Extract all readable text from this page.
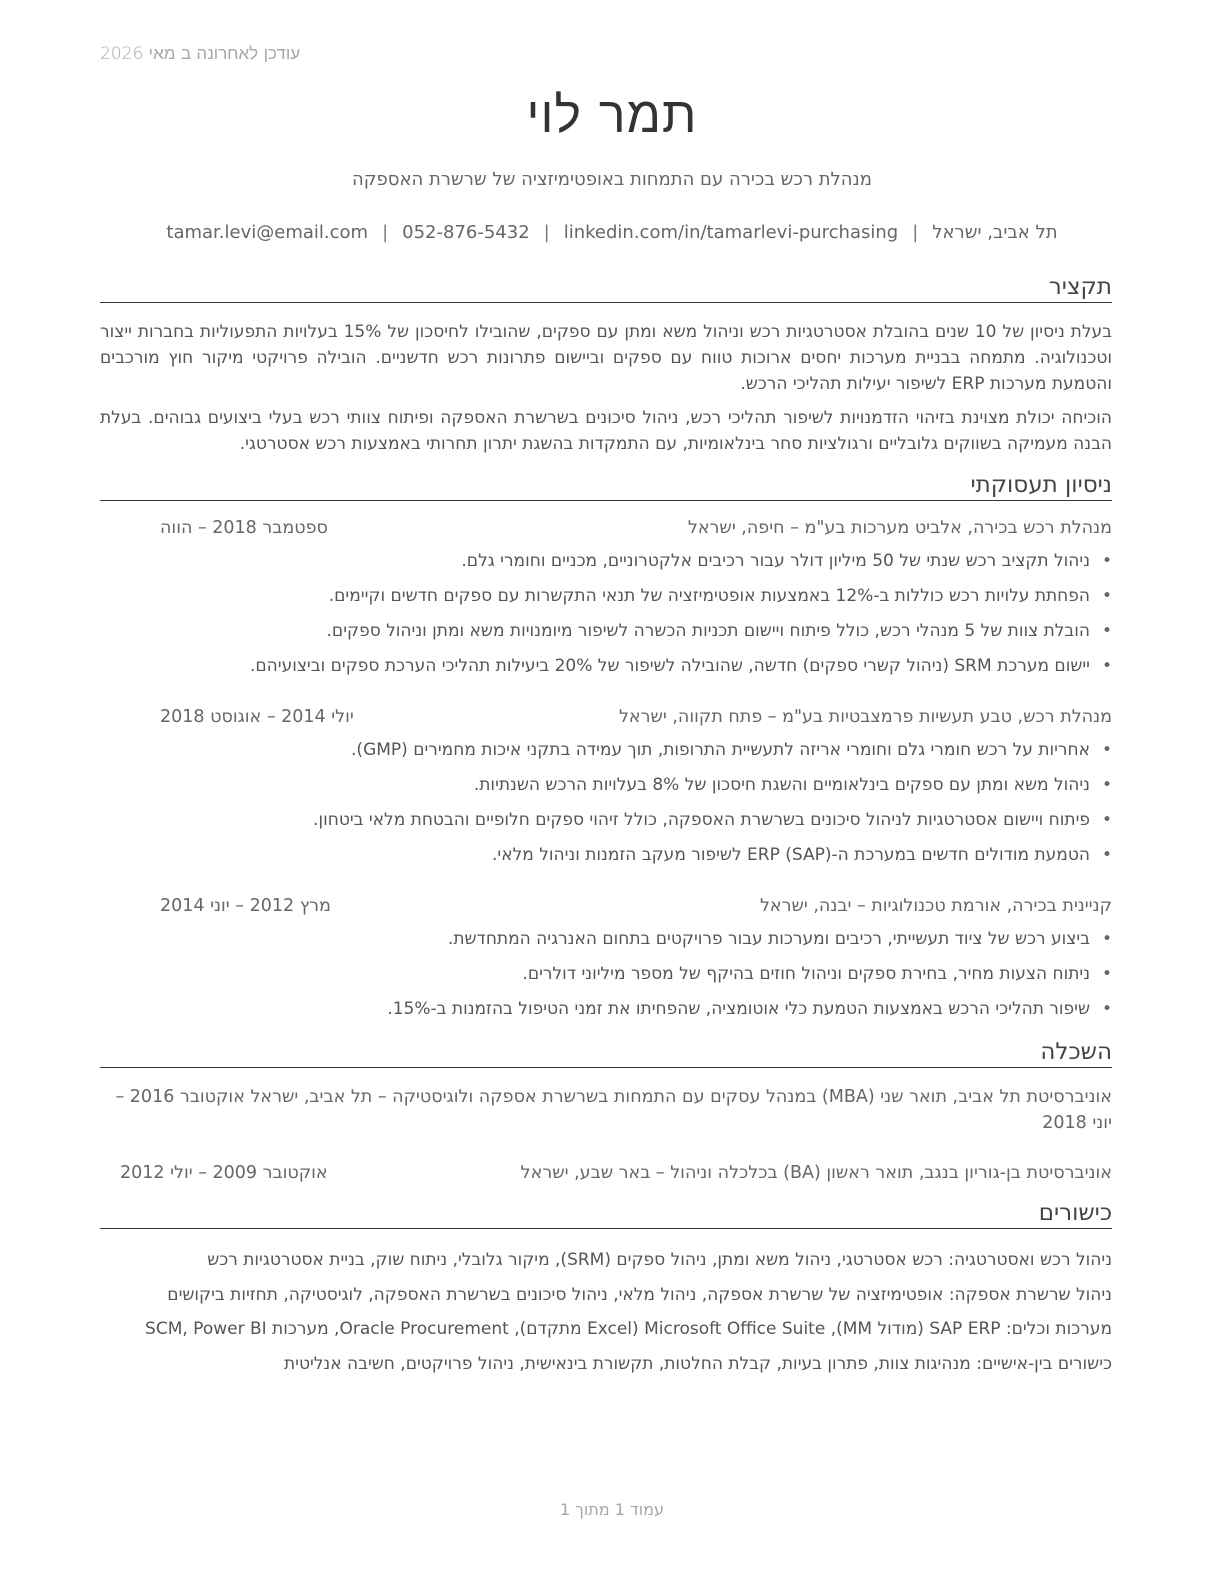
עודכן לאחרונה ב מאי 2026
תמר לוי
מנהלת רכש בכירה עם התמחות באופטימיזציה של שרשרת האספקה
תל אביב, ישראל|tamar.levi@email.com | 052-876-5432 | linkedin.com/in/tamarlevi-purchasing
תקציר
בעלת ניסיון של 10 שנים בהובלת אסטרטגיות רכש וניהול משא ומתן עם ספקים, שהובילו לחיסכון של 15% בעלויות התפעוליות בחברות ייצור וטכנולוגיה. מתמחה בבניית מערכות יחסים ארוכות טווח עם ספקים וביישום פתרונות רכש חדשניים. הובילה פרויקטי מיקור חוץ מורכבים והטמעת מערכות ERP לשיפור יעילות תהליכי הרכש.
הוכיחה יכולת מצוינת בזיהוי הזדמנויות לשיפור תהליכי רכש, ניהול סיכונים בשרשרת האספקה ופיתוח צוותי רכש בעלי ביצועים גבוהים. בעלת הבנה מעמיקה בשווקים גלובליים ורגולציות סחר בינלאומיות, עם התמקדות בהשגת יתרון תחרותי באמצעות רכש אסטרטגי.
ניסיון תעסוקתי
מנהלת רכש בכירה, אלביט מערכות בע"מ – חיפה, ישראל
ספטמבר 2018 – הווה
• ניהול תקציב רכש שנתי של 50 מיליון דולר עבור רכיבים אלקטרוניים, מכניים וחומרי גלם.
• הפחתת עלויות רכש כוללות ב-12% באמצעות אופטימיזציה של תנאי התקשרות עם ספקים חדשים וקיימים.
• הובלת צוות של 5 מנהלי רכש, כולל פיתוח ויישום תכניות הכשרה לשיפור מיומנויות משא ומתן וניהול ספקים.
• יישום מערכת SRM (ניהול קשרי ספקים) חדשה, שהובילה לשיפור של 20% ביעילות תהליכי הערכת ספקים וביצועיהם.
מנהלת רכש, טבע תעשיות פרמצבטיות בע"מ – פתח תקווה, ישראל
יולי 2014 – אוגוסט 2018
• אחריות על רכש חומרי גלם וחומרי אריזה לתעשיית התרופות, תוך עמידה בתקני איכות מחמירים (GMP).
• ניהול משא ומתן עם ספקים בינלאומיים והשגת חיסכון של 8% בעלויות הרכש השנתיות.
• פיתוח ויישום אסטרטגיות לניהול סיכונים בשרשרת האספקה, כולל זיהוי ספקים חלופיים והבטחת מלאי ביטחון.
• הטמעת מודולים חדשים במערכת ה-ERP (SAP) לשיפור מעקב הזמנות וניהול מלאי.
קניינית בכירה, אורמת טכנולוגיות – יבנה, ישראל
מרץ 2012 – יוני 2014
• ביצוע רכש של ציוד תעשייתי, רכיבים ומערכות עבור פרויקטים בתחום האנרגיה המתחדשת.
• ניתוח הצעות מחיר, בחירת ספקים וניהול חוזים בהיקף של מספר מיליוני דולרים.
• שיפור תהליכי הרכש באמצעות הטמעת כלי אוטומציה, שהפחיתו את זמני הטיפול בהזמנות ב-15%.
השכלה
אוניברסיטת תל אביב, תואר שני (MBA) במנהל עסקים עם התמחות בשרשרת אספקה ולוגיסטיקה – תל אביב, ישראל אוקטובר 2016 – יוני 2018
אוניברסיטת בן-גוריון בנגב, תואר ראשון (BA) בכלכלה וניהול – באר שבע, ישראל
אוקטובר 2009 – יולי 2012
כישורים
ניהול רכש ואסטרטגיה: רכש אסטרטגי, ניהול משא ומתן, ניהול ספקים (SRM), מיקור גלובלי, ניתוח שוק, בניית אסטרטגיות רכש
ניהול שרשרת אספקה: אופטימיזציה של שרשרת אספקה, ניהול מלאי, ניהול סיכונים בשרשרת האספקה, לוגיסטיקה, תחזיות ביקושים
מערכות וכלים: SAP ERP (מודול MM), Microsoft Office Suite (Excel מתקדם), Oracle Procurement, מערכות SCM, Power BI
כישורים בין-אישיים: מנהיגות צוות, פתרון בעיות, קבלת החלטות, תקשורת בינאישית, ניהול פרויקטים, חשיבה אנליטית
עמוד 1 מתוך 1
